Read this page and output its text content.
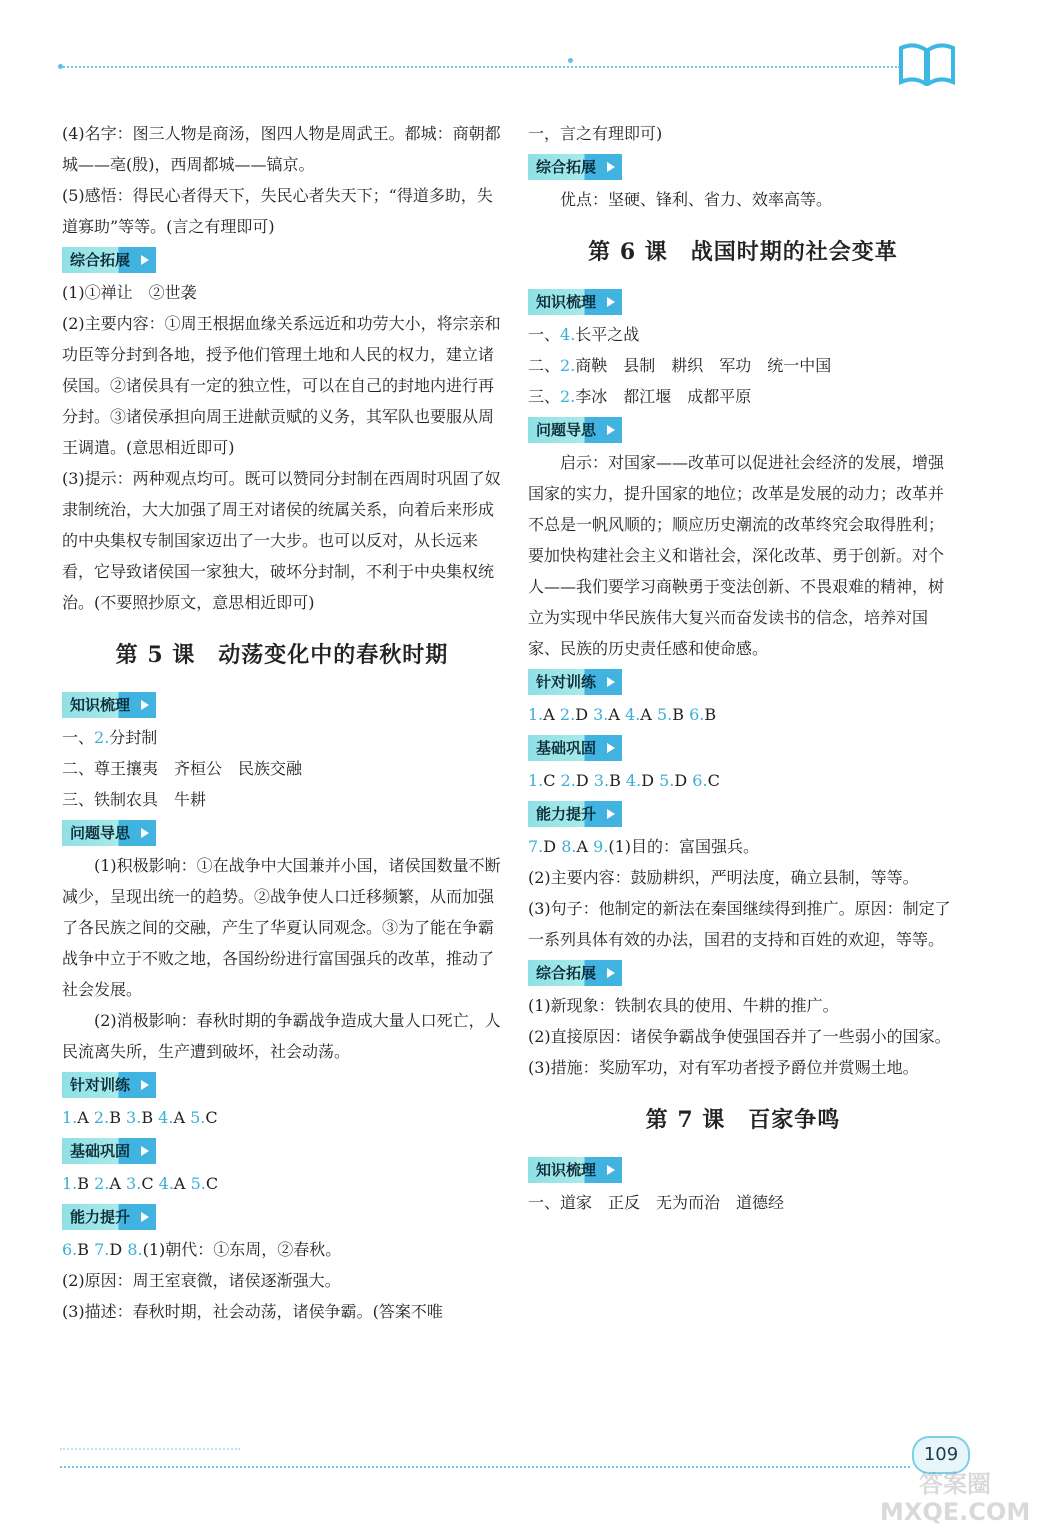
(4)名字：图三人物是商汤，图四人物是周武王。都城：商朝都城——亳(殷)，西周都城——镐京。

(5)感悟：得民心者得天下，失民心者失天下；“得道多助，失道寡助”等等。(言之有理即可)

综合拓展

(1)①禅让　②世袭

(2)主要内容：①周王根据血缘关系远近和功劳大小，将宗亲和功臣等分封到各地，授予他们管理土地和人民的权力，建立诸侯国。②诸侯具有一定的独立性，可以在自己的封地内进行再分封。③诸侯承担向周王进献贡赋的义务，其军队也要服从周王调遣。(意思相近即可)

(3)提示：两种观点均可。既可以赞同分封制在西周时巩固了奴隶制统治，大大加强了周王对诸侯的统属关系，向着后来形成的中央集权专制国家迈出了一大步。也可以反对，从长远来看，它导致诸侯国一家独大，破坏分封制，不利于中央集权统治。(不要照抄原文，意思相近即可)

第 5 课　动荡变化中的春秋时期
知识梳理

一、2.分封制

二、尊王攘夷　齐桓公　民族交融

三、铁制农具　牛耕

问题导思

(1)积极影响：①在战争中大国兼并小国，诸侯国数量不断减少，呈现出统一的趋势。②战争使人口迁移频繁，从而加强了各民族之间的交融，产生了华夏认同观念。③为了能在争霸战争中立于不败之地，各国纷纷进行富国强兵的改革，推动了社会发展。

(2)消极影响：春秋时期的争霸战争造成大量人口死亡，人民流离失所，生产遭到破坏，社会动荡。

针对训练

1.A 2.B 3.B 4.A 5.C

基础巩固

1.B 2.A 3.C 4.A 5.C

能力提升

6.B 7.D 8.(1)朝代：①东周，②春秋。

(2)原因：周王室衰微，诸侯逐渐强大。

(3)描述：春秋时期，社会动荡，诸侯争霸。(答案不唯

一，言之有理即可)

综合拓展

优点：坚硬、锋利、省力、效率高等。

第 6 课　战国时期的社会变革
知识梳理

一、4.长平之战

二、2.商鞅　县制　耕织　军功　统一中国

三、2.李冰　都江堰　成都平原

问题导思

启示：对国家——改革可以促进社会经济的发展，增强国家的实力，提升国家的地位；改革是发展的动力；改革并不总是一帆风顺的；顺应历史潮流的改革终究会取得胜利；要加快构建社会主义和谐社会，深化改革、勇于创新。对个人——我们要学习商鞅勇于变法创新、不畏艰难的精神，树立为实现中华民族伟大复兴而奋发读书的信念，培养对国家、民族的历史责任感和使命感。

针对训练

1.A 2.D 3.A 4.A 5.B 6.B

基础巩固

1.C 2.D 3.B 4.D 5.D 6.C

能力提升

7.D 8.A 9.(1)目的：富国强兵。

(2)主要内容：鼓励耕织，严明法度，确立县制，等等。

(3)句子：他制定的新法在秦国继续得到推广。原因：制定了一系列具体有效的办法，国君的支持和百姓的欢迎，等等。

综合拓展

(1)新现象：铁制农具的使用、牛耕的推广。

(2)直接原因：诸侯争霸战争使强国吞并了一些弱小的国家。

(3)措施：奖励军功，对有军功者授予爵位并赏赐土地。

第 7 课　百家争鸣
知识梳理

一、道家　正反　无为而治　道德经

109
答案圈
MXQE.COM
